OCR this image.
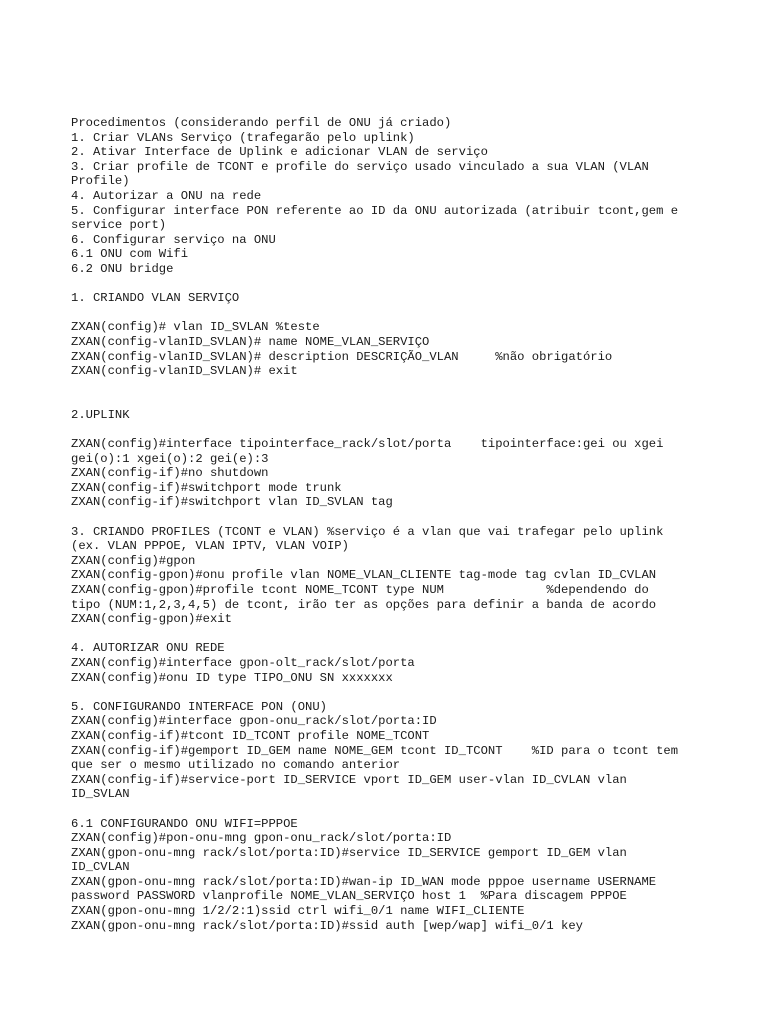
Procedimentos (considerando perfil de ONU já criado)
1. Criar VLANs Serviço (trafegarão pelo uplink)
2. Ativar Interface de Uplink e adicionar VLAN de serviço
3. Criar profile de TCONT e profile do serviço usado vinculado a sua VLAN (VLAN
Profile)
4. Autorizar a ONU na rede
5. Configurar interface PON referente ao ID da ONU autorizada (atribuir tcont,gem e
service port)
6. Configurar serviço na ONU
6.1 ONU com Wifi
6.2 ONU bridge
1. CRIANDO VLAN SERVIÇO
ZXAN(config)# vlan ID_SVLAN %teste
ZXAN(config-vlanID_SVLAN)# name NOME_VLAN_SERVIÇO
ZXAN(config-vlanID_SVLAN)# description DESCRIÇÃO_VLAN     %não obrigatório
ZXAN(config-vlanID_SVLAN)# exit
2.UPLINK
ZXAN(config)#interface tipointerface_rack/slot/porta    tipointerface:gei ou xgei
gei(o):1 xgei(o):2 gei(e):3
ZXAN(config-if)#no shutdown
ZXAN(config-if)#switchport mode trunk
ZXAN(config-if)#switchport vlan ID_SVLAN tag
3. CRIANDO PROFILES (TCONT e VLAN) %serviço é a vlan que vai trafegar pelo uplink
(ex. VLAN PPPOE, VLAN IPTV, VLAN VOIP)
ZXAN(config)#gpon
ZXAN(config-gpon)#onu profile vlan NOME_VLAN_CLIENTE tag-mode tag cvlan ID_CVLAN
ZXAN(config-gpon)#profile tcont NOME_TCONT type NUM              %dependendo do
tipo (NUM:1,2,3,4,5) de tcont, irão ter as opções para definir a banda de acordo
ZXAN(config-gpon)#exit
4. AUTORIZAR ONU REDE
ZXAN(config)#interface gpon-olt_rack/slot/porta
ZXAN(config)#onu ID type TIPO_ONU SN xxxxxxx
5. CONFIGURANDO INTERFACE PON (ONU)
ZXAN(config)#interface gpon-onu_rack/slot/porta:ID
ZXAN(config-if)#tcont ID_TCONT profile NOME_TCONT
ZXAN(config-if)#gemport ID_GEM name NOME_GEM tcont ID_TCONT    %ID para o tcont tem
que ser o mesmo utilizado no comando anterior
ZXAN(config-if)#service-port ID_SERVICE vport ID_GEM user-vlan ID_CVLAN vlan
ID_SVLAN
6.1 CONFIGURANDO ONU WIFI=PPPOE
ZXAN(config)#pon-onu-mng gpon-onu_rack/slot/porta:ID
ZXAN(gpon-onu-mng rack/slot/porta:ID)#service ID_SERVICE gemport ID_GEM vlan
ID_CVLAN
ZXAN(gpon-onu-mng rack/slot/porta:ID)#wan-ip ID_WAN mode pppoe username USERNAME
password PASSWORD vlanprofile NOME_VLAN_SERVIÇO host 1  %Para discagem PPPOE
ZXAN(gpon-onu-mng 1/2/2:1)ssid ctrl wifi_0/1 name WIFI_CLIENTE
ZXAN(gpon-onu-mng rack/slot/porta:ID)#ssid auth [wep/wap] wifi_0/1 key
